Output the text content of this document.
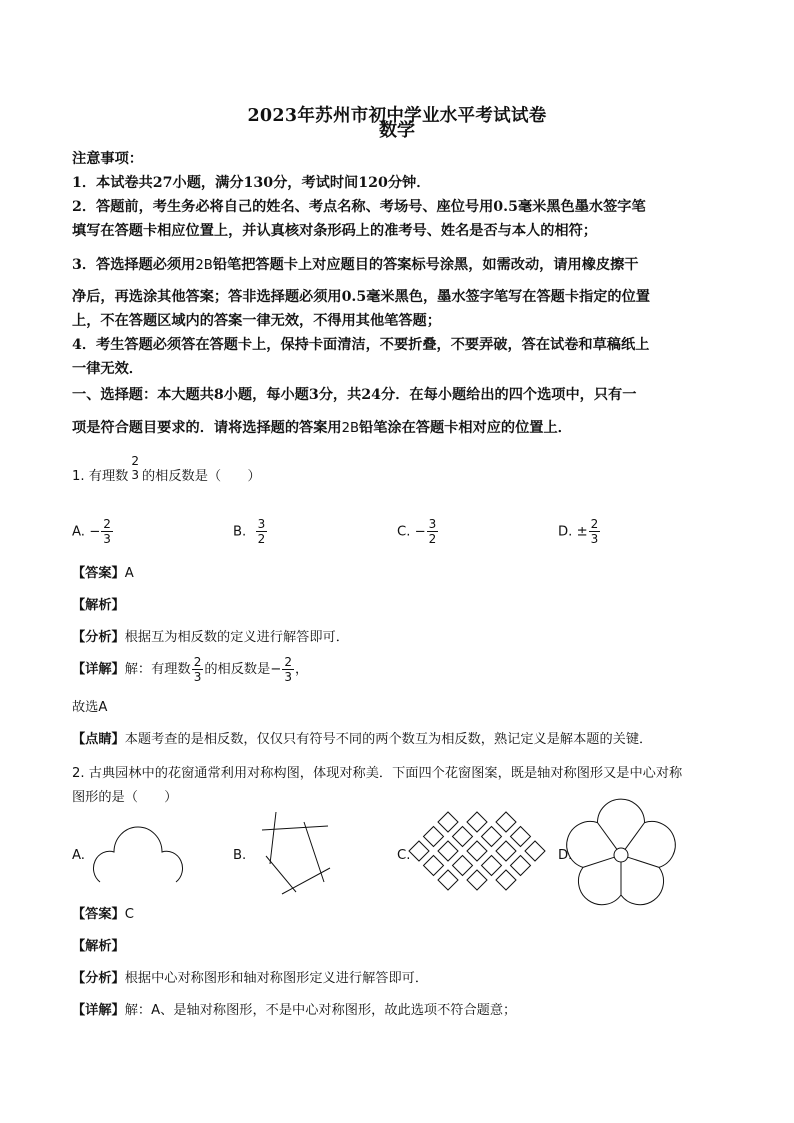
2023年苏州市初中学业水平考试试卷
数学
注意事项：
1．本试卷共27小题，满分130分，考试时间120分钟．
2．答题前，考生务必将自己的姓名、考点名称、考场号、座位号用0.5毫米黑色墨水签字笔
填写在答题卡相应位置上，并认真核对条形码上的准考号、姓名是否与本人的相符；
3．答选择题必须用2B铅笔把答题卡上对应题目的答案标号涂黑，如需改动，请用橡皮擦干
净后，再选涂其他答案；答非选择题必须用0.5毫米黑色，墨水签字笔写在答题卡指定的位置
上，不在答题区域内的答案一律无效，不得用其他笔答题；
4．考生答题必须答在答题卡上，保持卡面清洁，不要折叠，不要弄破，答在试卷和草稿纸上
一律无效．
一、选择题：本大题共8小题，每小题3分，共24分．在每小题给出的四个选项中，只有一
项是符合题目要求的．请将选择题的答案用2B铅笔涂在答题卡相对应的位置上．
1. 有理数
2
3 的相反数是（　　）
A. − $\frac{2}{3}$	B. $\frac{3}{2}$	C. − $\frac{3}{2}$	D. ± $\frac{2}{3}$
【答案】A
【解析】
【分析】根据互为相反数的定义进行解答即可．
【详解】解：有理数 $\frac{2}{3}$ 的相反数是− $\frac{2}{3}$ ，
故选A
【点睛】本题考查的是相反数，仅仅只有符号不同的两个数互为相反数，熟记定义是解本题的关键．
2. 古典园林中的花窗通常利用对称构图，体现对称美．下面四个花窗图案，既是轴对称图形又是中心对称
图形的是（　　）
A.	B.	C.	D.
【答案】C
【解析】
【分析】根据中心对称图形和轴对称图形定义进行解答即可．
【详解】解：A、是轴对称图形，不是中心对称图形，故此选项不符合题意；
